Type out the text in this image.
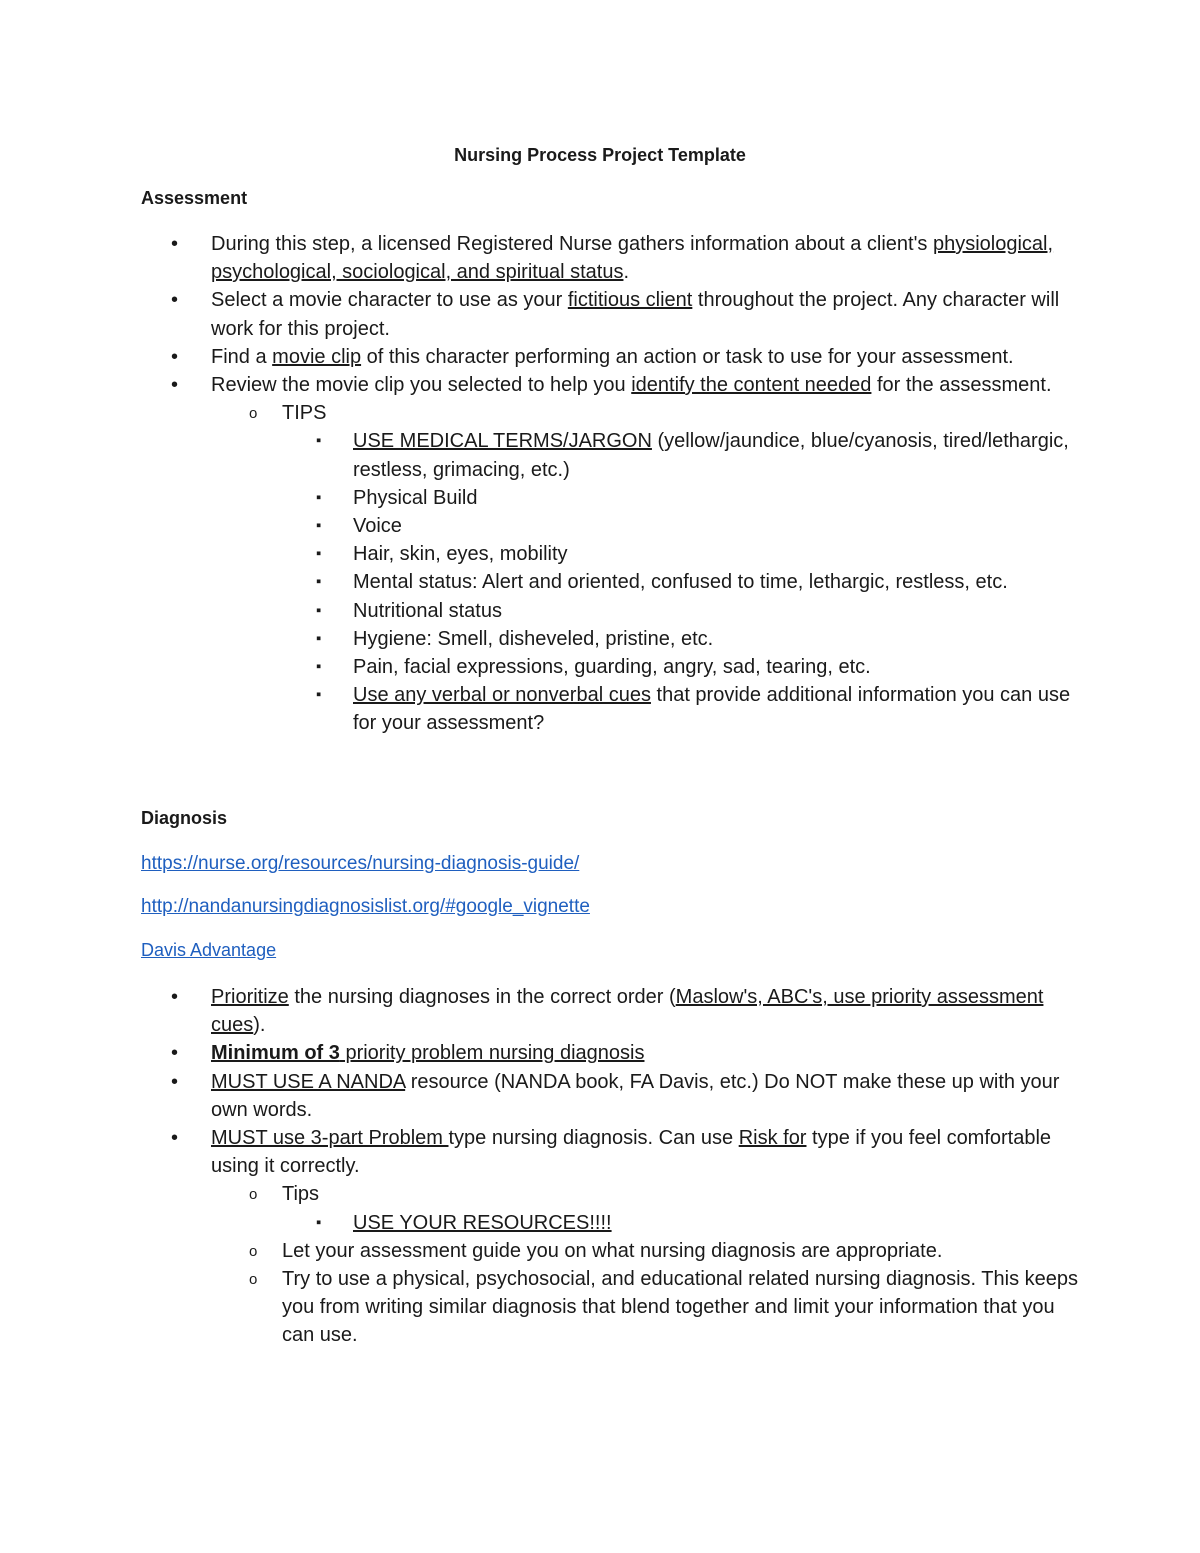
Nursing Process Project Template
Assessment
• During this step, a licensed Registered Nurse gathers information about a client's physiological, psychological, sociological, and spiritual status.
• Select a movie character to use as your fictitious client throughout the project. Any character will work for this project.
• Find a movie clip of this character performing an action or task to use for your assessment.
• Review the movie clip you selected to help you identify the content needed for the assessment.
o TIPS
▪ USE MEDICAL TERMS/JARGON (yellow/jaundice, blue/cyanosis, tired/lethargic, restless, grimacing, etc.)
▪ Physical Build
▪ Voice
▪ Hair, skin, eyes, mobility
▪ Mental status: Alert and oriented, confused to time, lethargic, restless, etc.
▪ Nutritional status
▪ Hygiene: Smell, disheveled, pristine, etc.
▪ Pain, facial expressions, guarding, angry, sad, tearing, etc.
▪ Use any verbal or nonverbal cues that provide additional information you can use for your assessment?
Diagnosis
https://nurse.org/resources/nursing-diagnosis-guide/
http://nandanursingdiagnosislist.org/#google_vignette
Davis Advantage
• Prioritize the nursing diagnoses in the correct order (Maslow's, ABC's, use priority assessment cues).
• Minimum of 3 priority problem nursing diagnosis
• MUST USE A NANDA resource (NANDA book, FA Davis, etc.) Do NOT make these up with your own words.
• MUST use 3-part Problem type nursing diagnosis. Can use Risk for type if you feel comfortable using it correctly.
o Tips
▪ USE YOUR RESOURCES!!!!
o Let your assessment guide you on what nursing diagnosis are appropriate.
o Try to use a physical, psychosocial, and educational related nursing diagnosis. This keeps you from writing similar diagnosis that blend together and limit your information that you can use.
